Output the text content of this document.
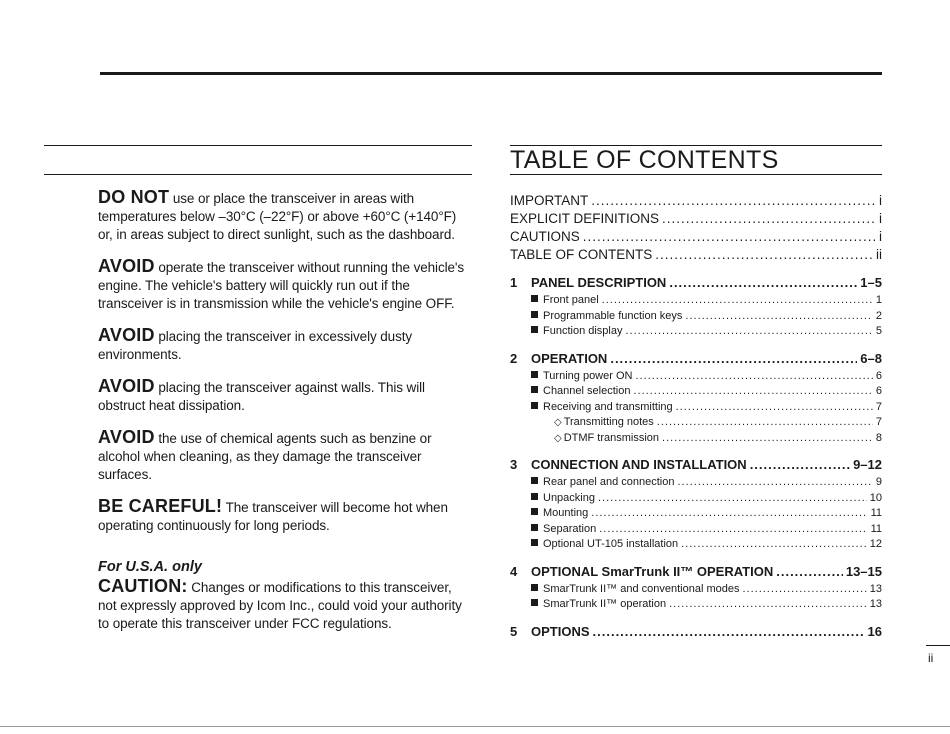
DO NOT use or place the transceiver in areas with temperatures below –30°C (–22°F) or above +60°C (+140°F) or, in areas subject to direct sunlight, such as the dashboard.

AVOID operate the transceiver without running the vehicle's engine. The vehicle's battery will quickly run out if the transceiver is in transmission while the vehicle's engine OFF.

AVOID placing the transceiver in excessively dusty environments.

AVOID placing the transceiver against walls. This will obstruct heat dissipation.

AVOID the use of chemical agents such as benzine or alcohol when cleaning, as they damage the transceiver surfaces.

BE CAREFUL! The transceiver will become hot when operating continuously for long periods.

For U.S.A. only

CAUTION: Changes or modifications to this transceiver, not expressly approved by Icom Inc., could void your authority to operate this transceiver under FCC regulations.

TABLE OF CONTENTS
IMPORTANT .....	i
EXPLICIT DEFINITIONS .....	i
CAUTIONS .....	i
TABLE OF CONTENTS .....	ii
1 PANEL DESCRIPTION .....	1–5
Front panel .....	1
Programmable function keys .....	2
Function display .....	5
2 OPERATION .....	6–8
Turning power ON .....	6
Channel selection .....	6
Receiving and transmitting .....	7
◇ Transmitting notes .....	7
◇ DTMF transmission .....	8
3 CONNECTION AND INSTALLATION .....	9–12
Rear panel and connection .....	9
Unpacking .....	10
Mounting .....	11
Separation .....	11
Optional UT-105 installation .....	12
4 OPTIONAL SmarTrunk II™ OPERATION .....	13–15
SmarTrunk II™ and conventional modes .....	13
SmarTrunk II™ operation .....	13
5 OPTIONS .....	16
ii
